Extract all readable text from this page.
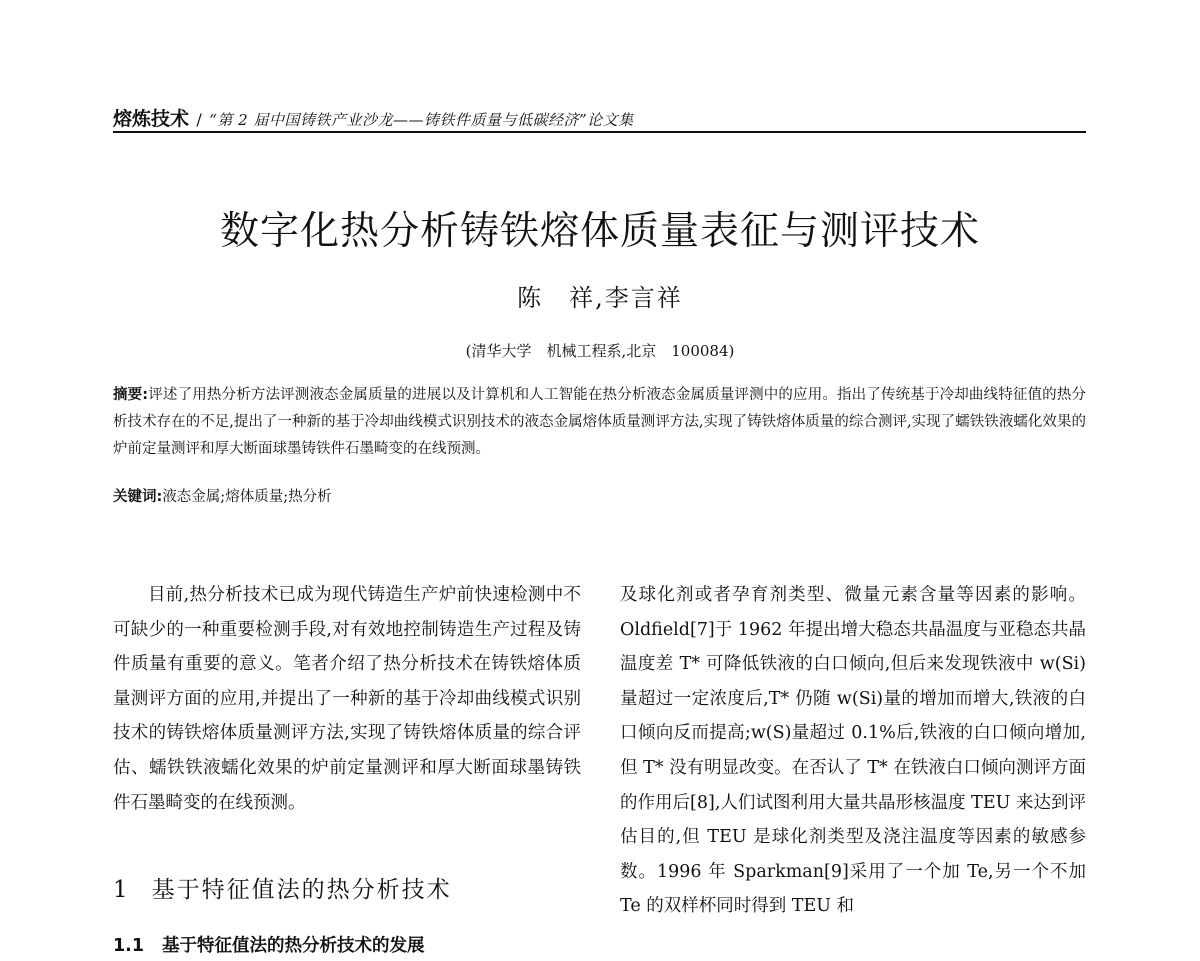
熔炼技术 / “第 2 届中国铸铁产业沙龙——铸铁件质量与低碳经济”论文集
数字化热分析铸铁熔体质量表征与测评技术
陈　祥,李言祥
(清华大学　机械工程系,北京　100084)

摘要:评述了用热分析方法评测液态金属质量的进展以及计算机和人工智能在热分析液态金属质量评测中的应用。指出了传统基于冷却曲线特征值的热分析技术存在的不足,提出了一种新的基于冷却曲线模式识别技术的液态金属熔体质量测评方法,实现了铸铁熔体质量的综合测评,实现了蠕铁铁液蠕化效果的炉前定量测评和厚大断面球墨铸铁件石墨畸变的在线预测。

关键词:液态金属;熔体质量;热分析

目前,热分析技术已成为现代铸造生产炉前快速检测中不可缺少的一种重要检测手段,对有效地控制铸造生产过程及铸件质量有重要的意义。笔者介绍了热分析技术在铸铁熔体质量测评方面的应用,并提出了一种新的基于冷却曲线模式识别技术的铸铁熔体质量测评方法,实现了铸铁熔体质量的综合评估、蠕铁铁液蠕化效果的炉前定量测评和厚大断面球墨铸铁件石墨畸变的在线预测。

1 基于特征值法的热分析技术
1.1 基于特征值法的热分析技术的发展

及球化剂或者孕育剂类型、微量元素含量等因素的影响。Oldfield[7]于 1962 年提出增大稳态共晶温度与亚稳态共晶温度差 T* 可降低铁液的白口倾向,但后来发现铁液中 w(Si)量超过一定浓度后,T* 仍随 w(Si)量的增加而增大,铁液的白口倾向反而提高;w(S)量超过 0.1%后,铁液的白口倾向增加,但 T* 没有明显改变。在否认了 T* 在铁液白口倾向测评方面的作用后[8],人们试图利用大量共晶形核温度 TEU 来达到评估目的,但 TEU 是球化剂类型及浇注温度等因素的敏感参数。1996 年 Sparkman[9]采用了一个加 Te,另一个不加 Te 的双样杯同时得到 TEU 和
